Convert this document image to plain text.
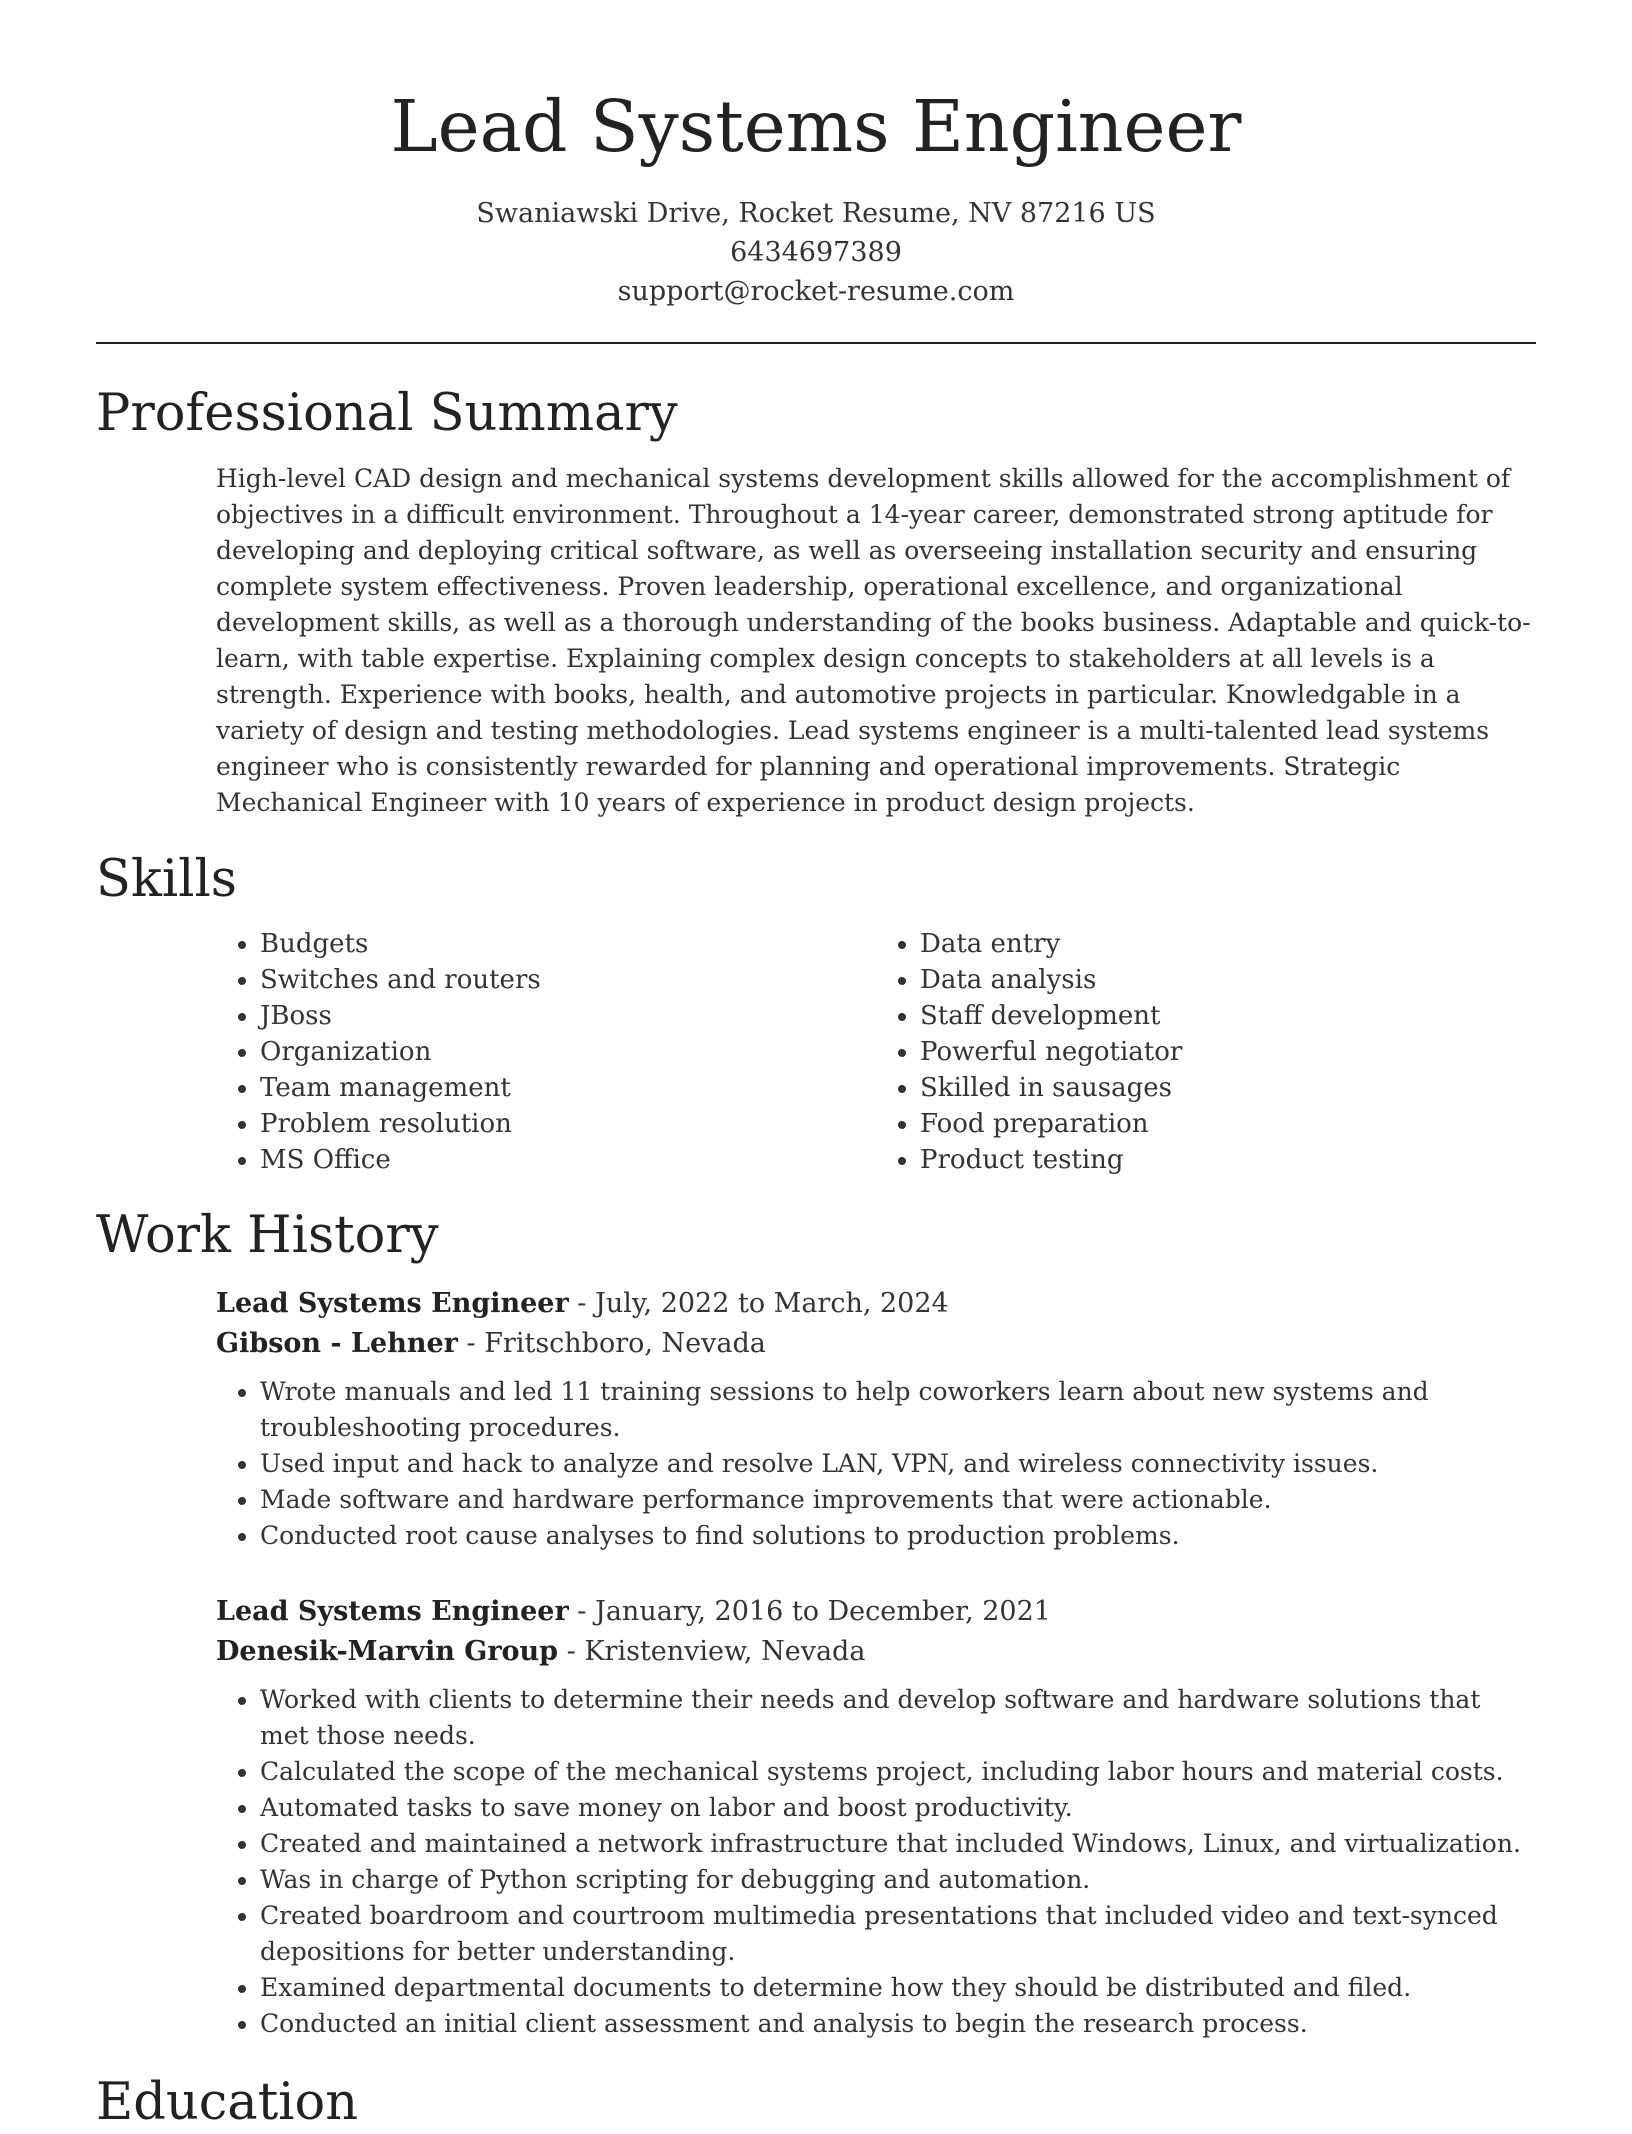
Lead Systems Engineer
Swaniawski Drive, Rocket Resume, NV 87216 US
6434697389
support@rocket-resume.com
Professional Summary

High-level CAD design and mechanical systems development skills allowed for the accomplishment of objectives in a difficult environment. Throughout a 14-year career, demonstrated strong aptitude for developing and deploying critical software, as well as overseeing installation security and ensuring complete system effectiveness. Proven leadership, operational excellence, and organizational development skills, as well as a thorough understanding of the books business. Adaptable and quick-to-learn, with table expertise. Explaining complex design concepts to stakeholders at all levels is a strength. Experience with books, health, and automotive projects in particular. Knowledgable in a variety of design and testing methodologies. Lead systems engineer is a multi-talented lead systems engineer who is consistently rewarded for planning and operational improvements. Strategic Mechanical Engineer with 10 years of experience in product design projects.

Skills
• Budgets
• Switches and routers
• JBoss
• Organization
• Team management
• Problem resolution
• MS Office
• Data entry
• Data analysis
• Staff development
• Powerful negotiator
• Skilled in sausages
• Food preparation
• Product testing
Work History
Lead Systems Engineer - July, 2022 to March, 2024
Gibson - Lehner - Fritschboro, Nevada
• Wrote manuals and led 11 training sessions to help coworkers learn about new systems and troubleshooting procedures.
• Used input and hack to analyze and resolve LAN, VPN, and wireless connectivity issues.
• Made software and hardware performance improvements that were actionable.
• Conducted root cause analyses to find solutions to production problems.
Lead Systems Engineer - January, 2016 to December, 2021
Denesik-Marvin Group - Kristenview, Nevada
• Worked with clients to determine their needs and develop software and hardware solutions that met those needs.
• Calculated the scope of the mechanical systems project, including labor hours and material costs.
• Automated tasks to save money on labor and boost productivity.
• Created and maintained a network infrastructure that included Windows, Linux, and virtualization.
• Was in charge of Python scripting for debugging and automation.
• Created boardroom and courtroom multimedia presentations that included video and text-synced depositions for better understanding.
• Examined departmental documents to determine how they should be distributed and filed.
• Conducted an initial client assessment and analysis to begin the research process.
Education
